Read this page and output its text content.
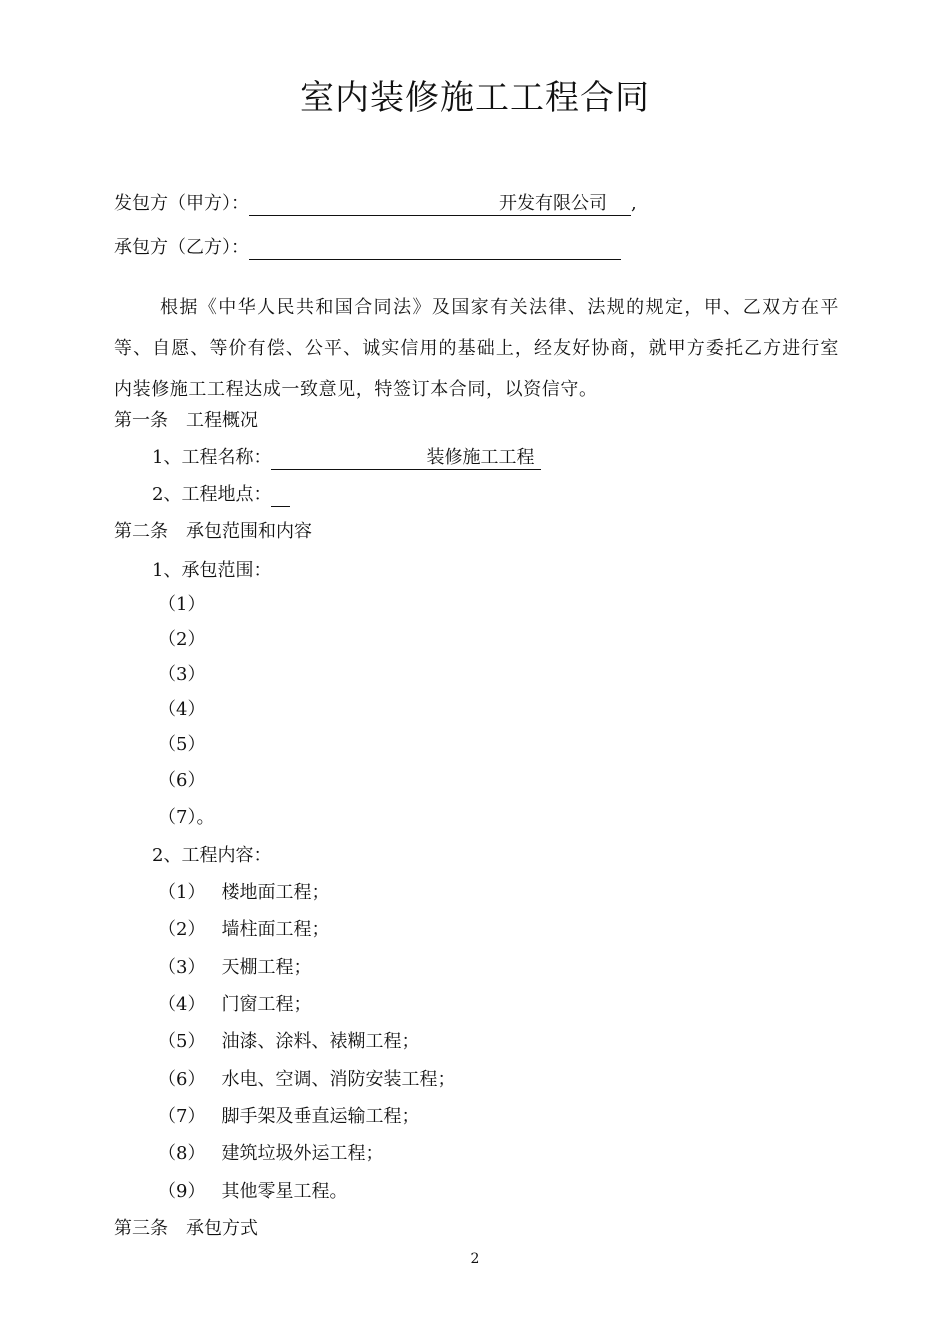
室内装修施工工程合同
发包方（甲方）：	开发有限公司 ,
承包方（乙方）：
根据《中华人民共和国合同法》及国家有关法律、法规的规定，甲、乙双方在平等、自愿、等价有偿、公平、诚实信用的基础上，经友好协商，就甲方委托乙方进行室内装修施工工程达成一致意见，特签订本合同，以资信守。
第一条　工程概况
1、工程名称：	装修施工工程
2、工程地点：
第二条　承包范围和内容
1、承包范围：
（1）
（2）
（3）
（4）
（5）
（6）
（7）。
2、工程内容：
（1） 楼地面工程；
（2） 墙柱面工程；
（3） 天棚工程；
（4） 门窗工程；
（5） 油漆、涂料、裱糊工程；
（6） 水电、空调、消防安装工程；
（7） 脚手架及垂直运输工程；
（8） 建筑垃圾外运工程；
（9） 其他零星工程。
第三条　承包方式
2
